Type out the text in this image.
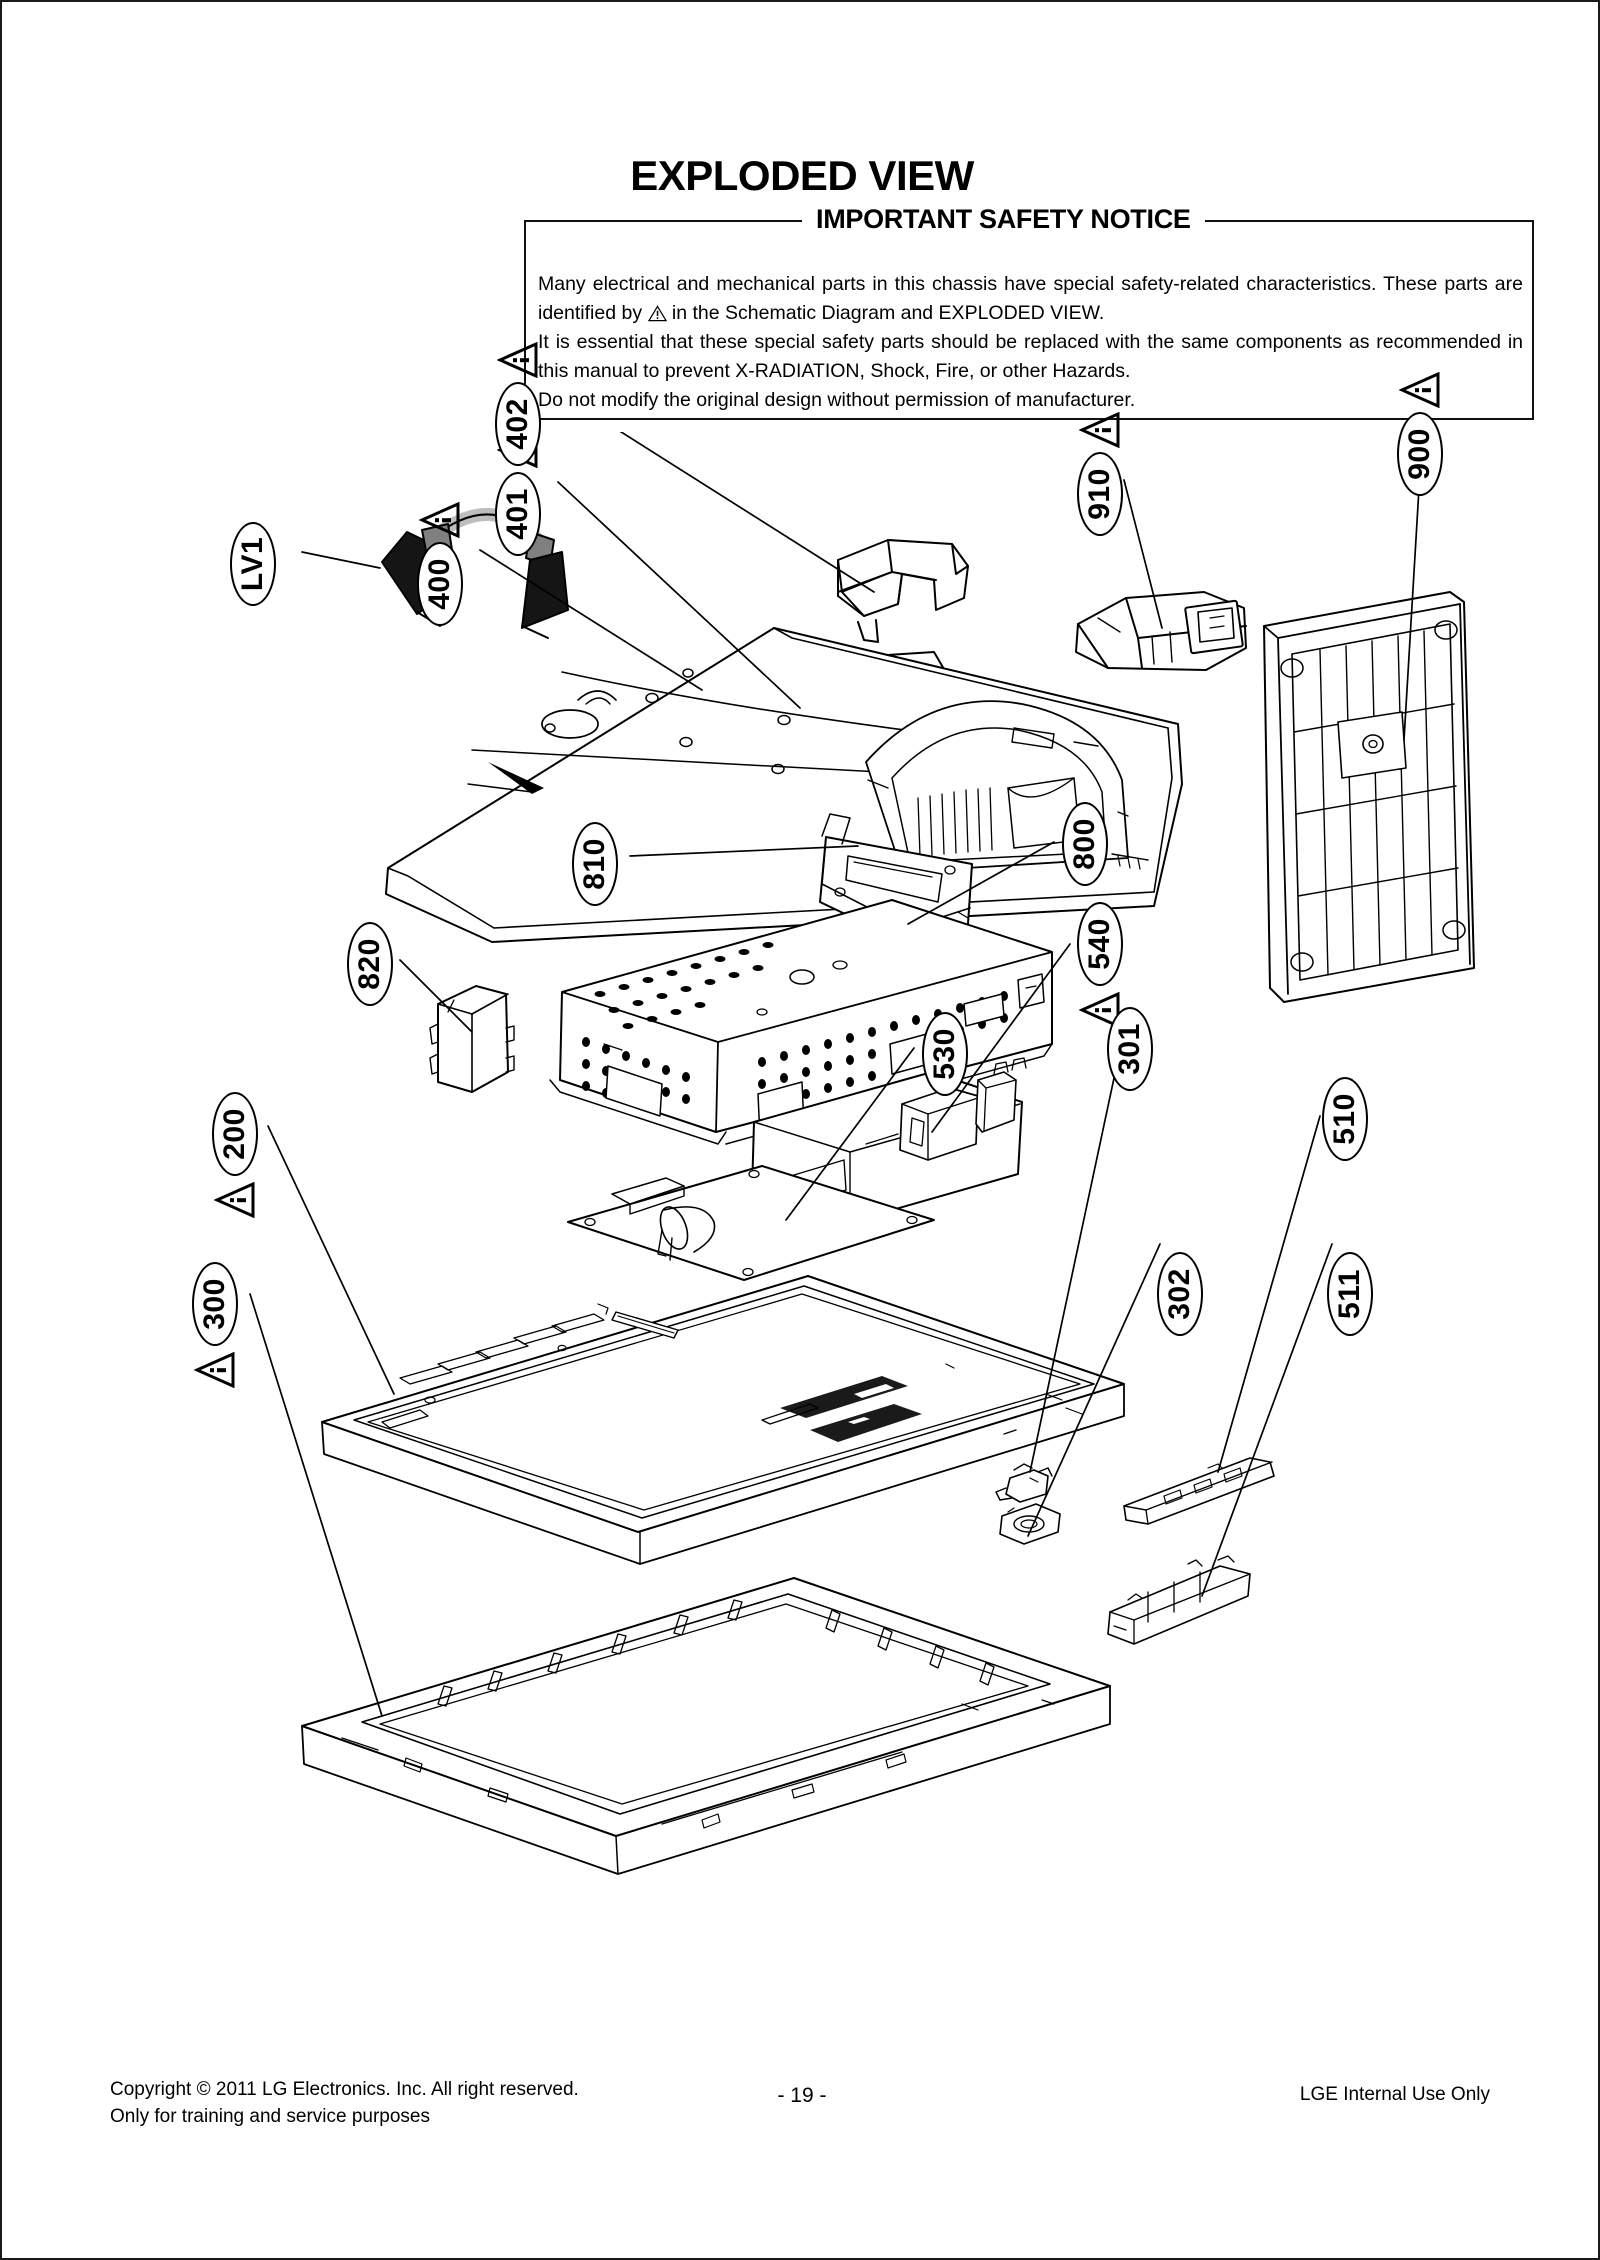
EXPLODED VIEW
IMPORTANT SAFETY NOTICE

Many electrical and mechanical parts in this chassis have special safety-related characteristics. These parts are identified by in the Schematic Diagram and EXPLODED VIEW.

It is essential that these special safety parts should be replaced with the same components as recommended in this manual to prevent X-RADIATION, Shock, Fire, or other Hazards.

Do not modify the original design without permission of manufacturer.

LV1	400
401
402
910
900
810	800
820	540
530
200
301
302
510
511
300
Copyright © 2011 LG Electronics. Inc. All right reserved.
Only for training and service purposes
- 19 -	LGE Internal Use Only
